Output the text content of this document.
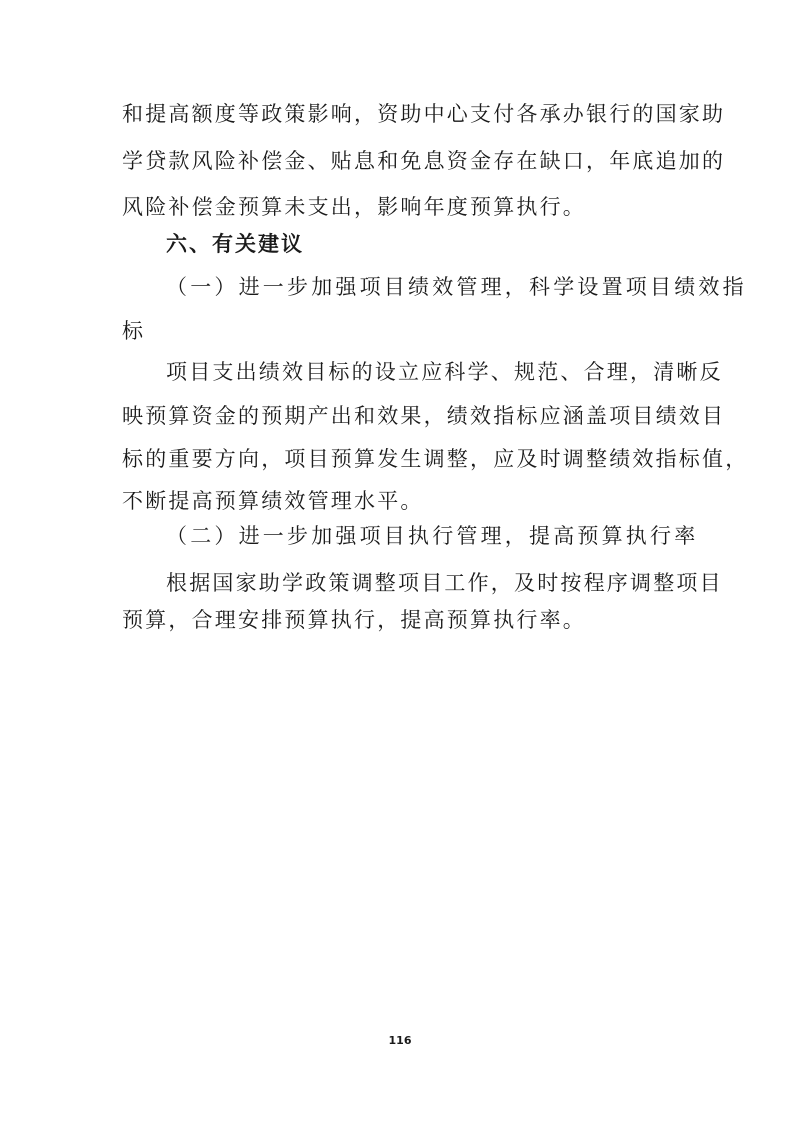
和提高额度等政策影响，资助中心支付各承办银行的国家助
学贷款风险补偿金、贴息和免息资金存在缺口，年底追加的
风险补偿金预算未支出，影响年度预算执行。
六、有关建议
（一）进一步加强项目绩效管理，科学设置项目绩效指
标
项目支出绩效目标的设立应科学、规范、合理，清晰反
映预算资金的预期产出和效果，绩效指标应涵盖项目绩效目
标的重要方向，项目预算发生调整，应及时调整绩效指标值，
不断提高预算绩效管理水平。
（二）进一步加强项目执行管理，提高预算执行率
根据国家助学政策调整项目工作，及时按程序调整项目
预算，合理安排预算执行，提高预算执行率。
116
